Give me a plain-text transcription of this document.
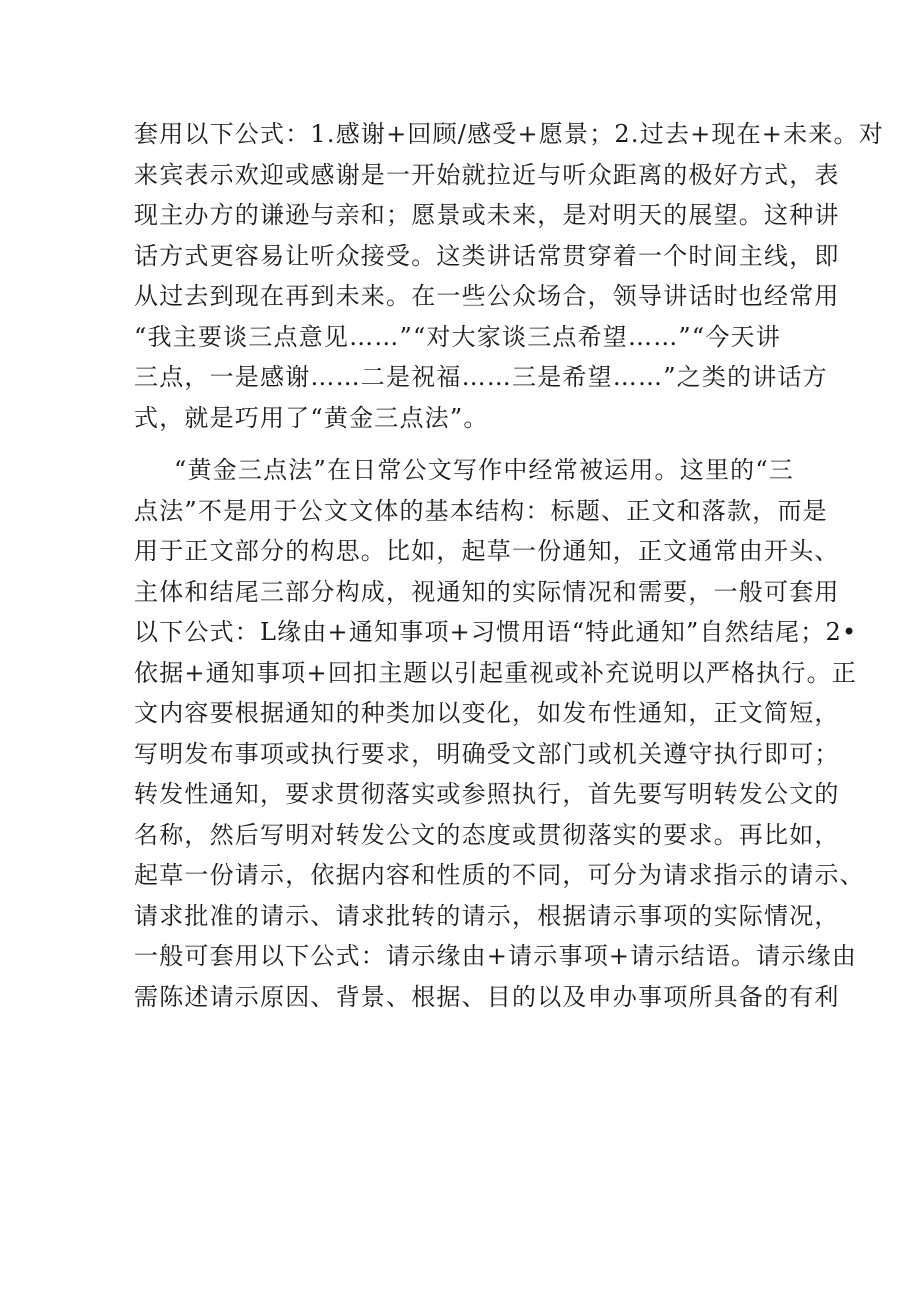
套用以下公式：1.感谢+回顾/感受+愿景；2.过去+现在+未来。对
来宾表示欢迎或感谢是一开始就拉近与听众距离的极好方式，表
现主办方的谦逊与亲和；愿景或未来，是对明天的展望。这种讲
话方式更容易让听众接受。这类讲话常贯穿着一个时间主线，即
从过去到现在再到未来。在一些公众场合，领导讲话时也经常用
“我主要谈三点意见……”“对大家谈三点希望……”“今天讲
三点，一是感谢……二是祝福……三是希望……”之类的讲话方
式，就是巧用了“黄金三点法”。
“黄金三点法”在日常公文写作中经常被运用。这里的“三
点法”不是用于公文文体的基本结构：标题、正文和落款，而是
用于正文部分的构思。比如，起草一份通知，正文通常由开头、
主体和结尾三部分构成，视通知的实际情况和需要，一般可套用
以下公式：L缘由+通知事项+习惯用语“特此通知”自然结尾；2•
依据+通知事项+回扣主题以引起重视或补充说明以严格执行。正
文内容要根据通知的种类加以变化，如发布性通知，正文简短，
写明发布事项或执行要求，明确受文部门或机关遵守执行即可；
转发性通知，要求贯彻落实或参照执行，首先要写明转发公文的
名称，然后写明对转发公文的态度或贯彻落实的要求。再比如，
起草一份请示，依据内容和性质的不同，可分为请求指示的请示、
请求批准的请示、请求批转的请示，根据请示事项的实际情况，
一般可套用以下公式：请示缘由+请示事项+请示结语。请示缘由
需陈述请示原因、背景、根据、目的以及申办事项所具备的有利
